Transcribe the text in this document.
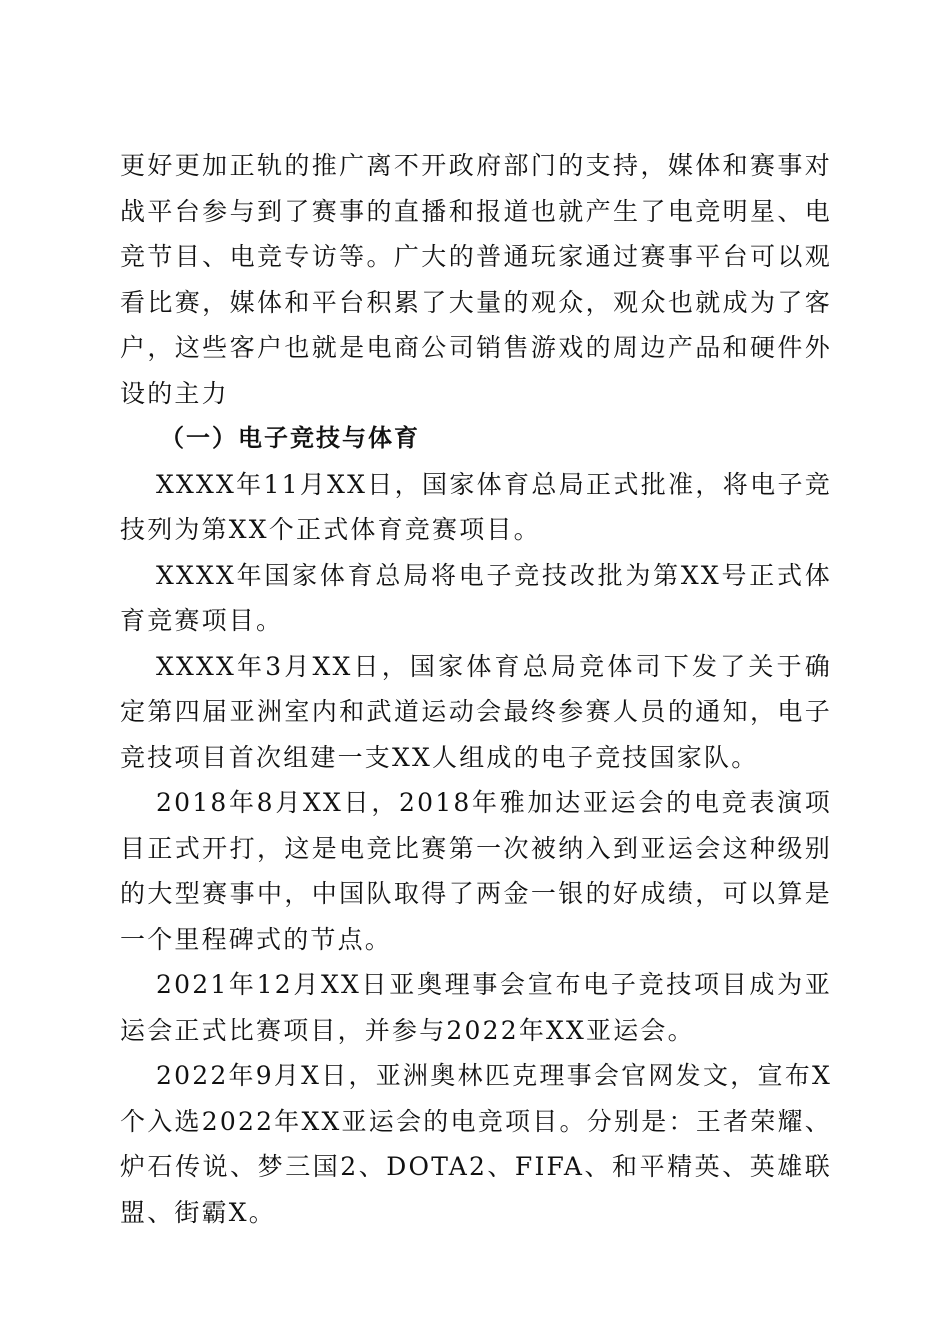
更好更加正轨的推广离不开政府部门的支持，媒体和赛事对战平台参与到了赛事的直播和报道也就产生了电竞明星、电竞节目、电竞专访等。广大的普通玩家通过赛事平台可以观看比赛，媒体和平台积累了大量的观众，观众也就成为了客户，这些客户也就是电商公司销售游戏的周边产品和硬件外设的主力

（一）电子竞技与体育

XXXX年11月XX日，国家体育总局正式批准，将电子竞技列为第XX个正式体育竞赛项目。

XXXX年国家体育总局将电子竞技改批为第XX号正式体育竞赛项目。

XXXX年3月XX日，国家体育总局竞体司下发了关于确定第四届亚洲室内和武道运动会最终参赛人员的通知，电子竞技项目首次组建一支XX人组成的电子竞技国家队。

2018年8月XX日，2018年雅加达亚运会的电竞表演项目正式开打，这是电竞比赛第一次被纳入到亚运会这种级别的大型赛事中，中国队取得了两金一银的好成绩，可以算是一个里程碑式的节点。

2021年12月XX日亚奥理事会宣布电子竞技项目成为亚运会正式比赛项目，并参与2022年XX亚运会。

2022年9月X日，亚洲奥林匹克理事会官网发文，宣布X个入选2022年XX亚运会的电竞项目。分别是：王者荣耀、炉石传说、梦三国2、DOTA2、FIFA、和平精英、英雄联盟、街霸X。
